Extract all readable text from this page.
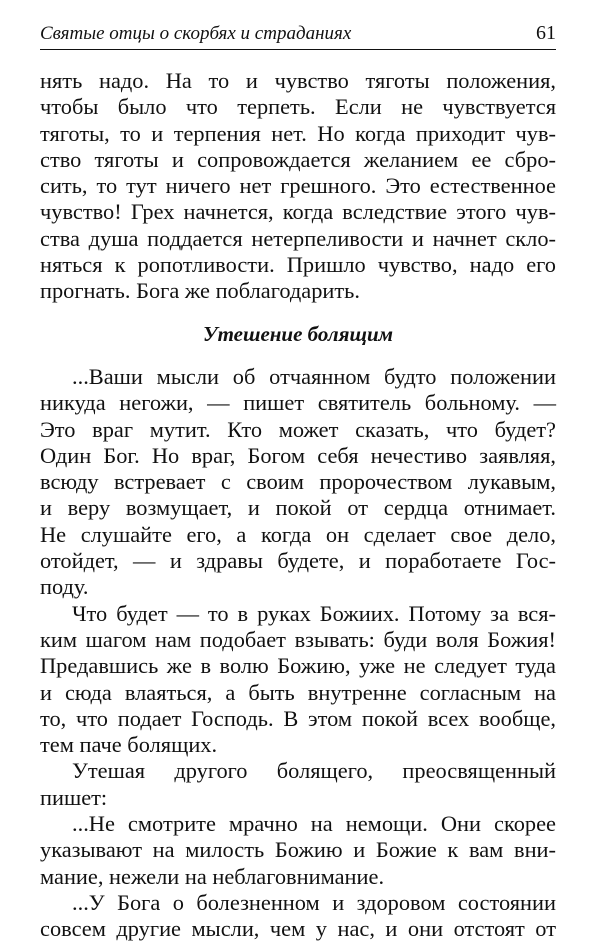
Святые отцы о скорбях и страданиях	61
нять надо. На то и чувство тяготы положения,
чтобы было что терпеть. Если не чувствуется
тяготы, то и терпения нет. Но когда приходит чув-
ство тяготы и сопровождается желанием ее сбро-
сить, то тут ничего нет грешного. Это естественное
чувство! Грех начнется, когда вследствие этого чув-
ства душа поддается нетерпеливости и начнет скло-
няться к ропотливости. Пришло чувство, надо его
прогнать. Бога же поблагодарить.
Утешение болящим
...Ваши мысли об отчаянном будто положении
никуда негожи, — пишет святитель больному. —
Это враг мутит. Кто может сказать, что будет?
Один Бог. Но враг, Богом себя нечестиво заявляя,
всюду встревает с своим пророчеством лукавым,
и веру возмущает, и покой от сердца отнимает.
Не слушайте его, а когда он сделает свое дело,
отойдет, — и здравы будете, и поработаете Гос-
поду.
Что будет — то в руках Божиих. Потому за вся-
ким шагом нам подобает взывать: буди воля Божия!
Предавшись же в волю Божию, уже не следует туда
и сюда влаяться, а быть внутренне согласным на
то, что подает Господь. В этом покой всех вообще,
тем паче болящих.
Утешая другого болящего, преосвященный
пишет:
...Не смотрите мрачно на немощи. Они скорее
указывают на милость Божию и Божие к вам вни-
мание, нежели на неблаговнимание.
...У Бога о болезненном и здоровом состоянии
совсем другие мысли, чем у нас, и они отстоят от
